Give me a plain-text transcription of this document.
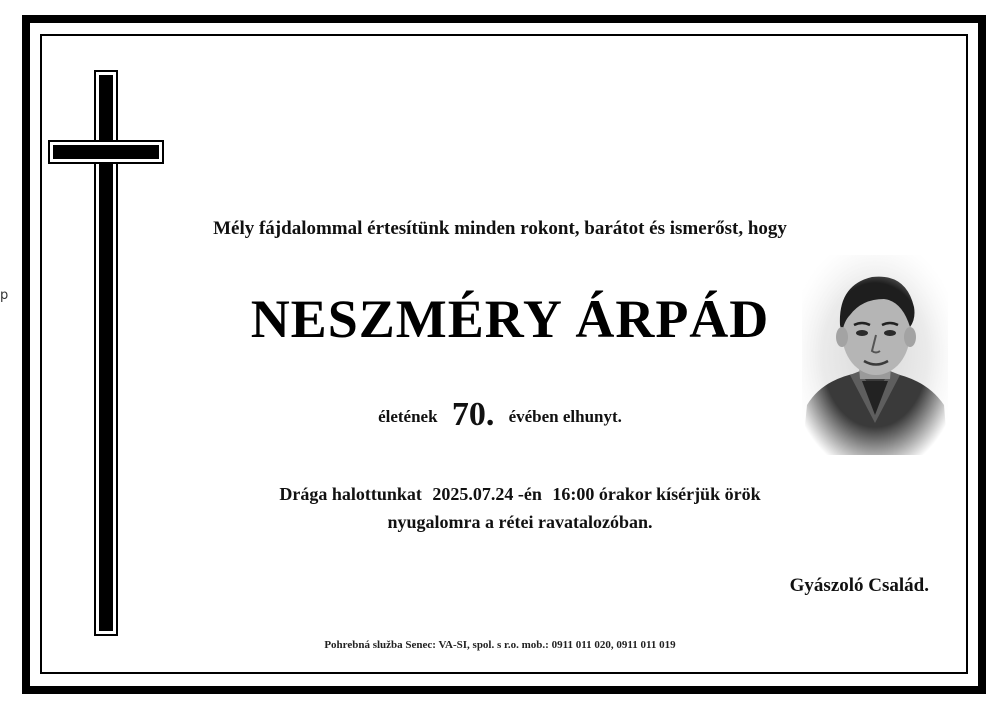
p
Mély fájdalommal értesítünk minden rokont, barátot és ismerőst, hogy
NESZMÉRY ÁRPÁD
életének 70. évében elhunyt.
Drága halottunkat 2025.07.24 -én 16:00 órakor kísérjük örök
nyugalomra a rétei ravatalozóban.
Gyászoló Család.
Pohrebná služba Senec: VA-SI, spol. s r.o. mob.: 0911 011 020, 0911 011 019
